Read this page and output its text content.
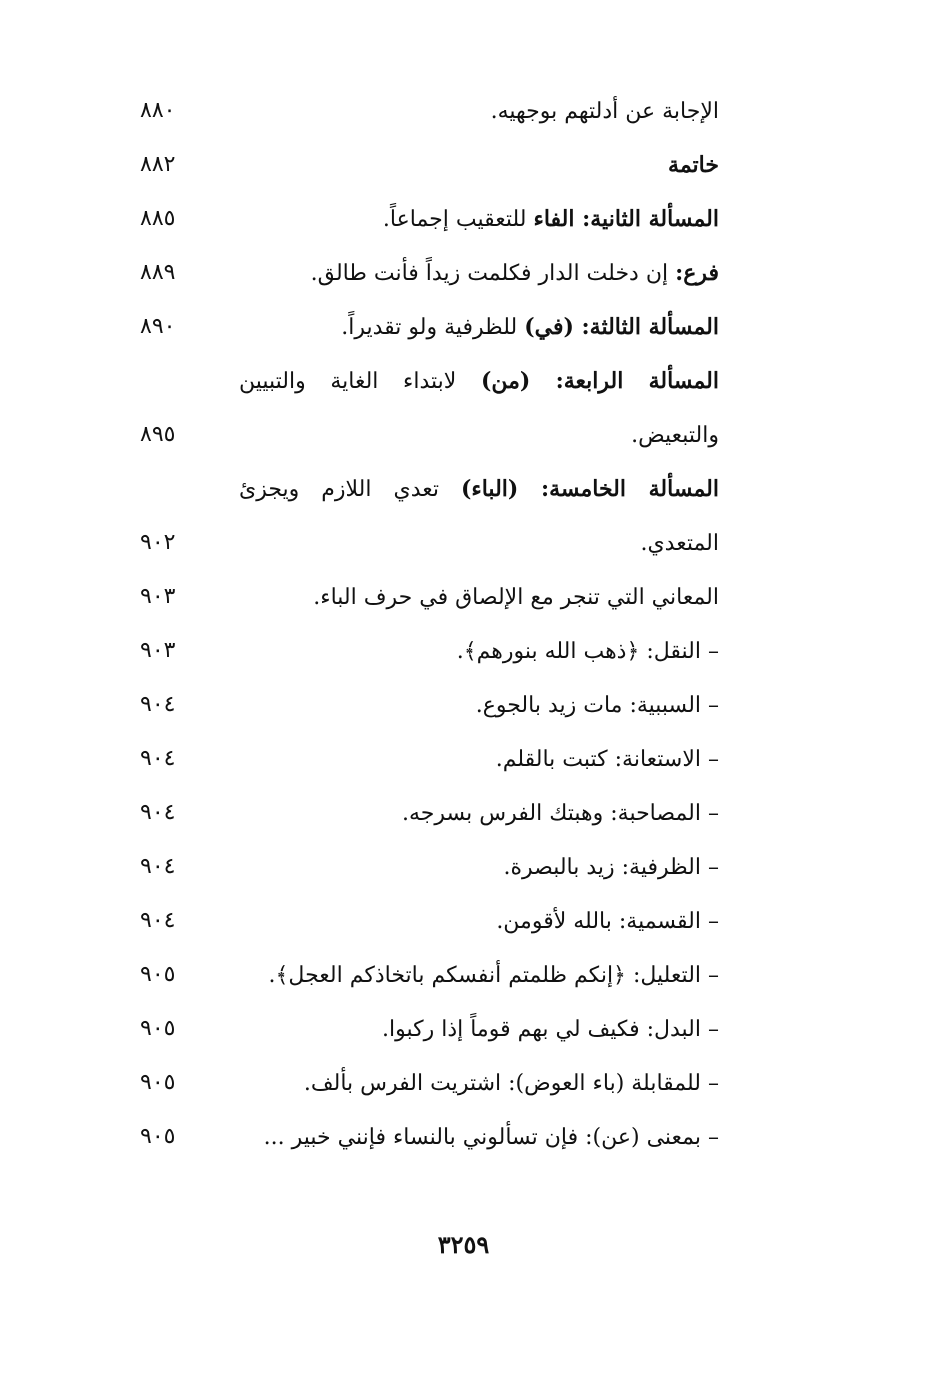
الإجابة عن أدلتهم بوجهيه.
٨٨٠
خاتمة
٨٨٢
المسألة الثانية: الفاء للتعقيب إجماعاً.
٨٨٥
فرع: إن دخلت الدار فكلمت زيداً فأنت طالق.
٨٨٩
المسألة الثالثة: (في) للظرفية ولو تقديراً.
٨٩٠
المسألة الرابعة: (من) لابتداء الغاية والتبيين
والتبعيض.
٨٩٥
المسألة الخامسة: (الباء) تعدي اللازم ويجزئ
المتعدي.
٩٠٢
المعاني التي تنجر مع الإلصاق في حرف الباء.
٩٠٣
– النقل: ﴿ذهب الله بنورهم﴾.
٩٠٣
– السببية: مات زيد بالجوع.
٩٠٤
– الاستعانة: كتبت بالقلم.
٩٠٤
– المصاحبة: وهبتك الفرس بسرجه.
٩٠٤
– الظرفية: زيد بالبصرة.
٩٠٤
– القسمية: بالله لأقومن.
٩٠٤
– التعليل: ﴿إنكم ظلمتم أنفسكم باتخاذكم العجل﴾.
٩٠٥
– البدل: فكيف لي بهم قوماً إذا ركبوا.
٩٠٥
– للمقابلة (باء العوض): اشتريت الفرس بألف.
٩٠٥
– بمعنى (عن): فإن تسألوني بالنساء فإنني خبير ...
٩٠٥
٣٢٥٩
